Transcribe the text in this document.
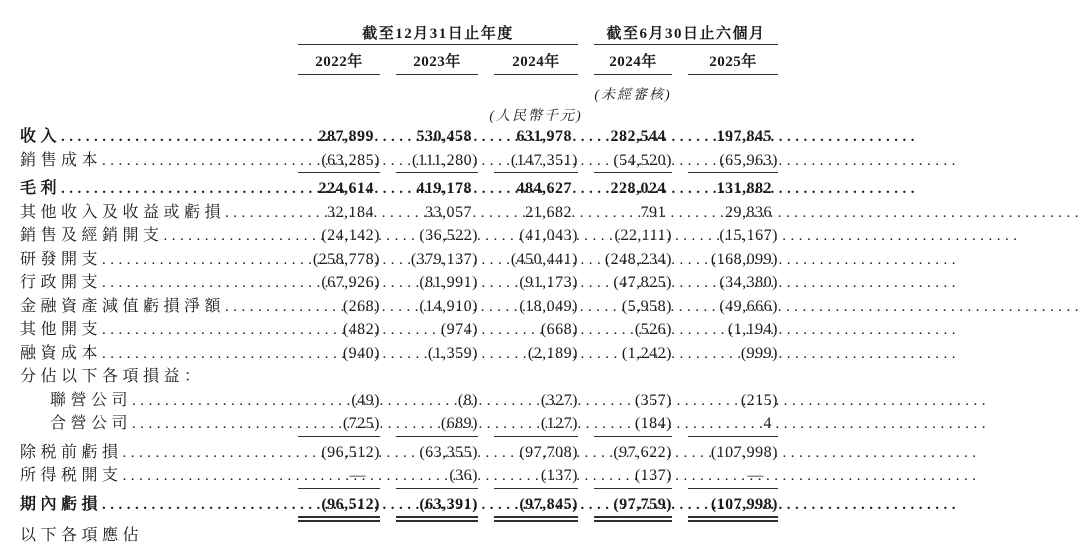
截至12月31日止年度	截至6月30日止六個月
2022年	2023年	2024年	2024年	2025年
(未經審核)
(人民幣千元)
收入 .....	287,899	530,458	631,978	282,544	197,845
銷售成本 .....	(63,285)	(111,280)	(147,351)	(54,520)	(65,963)
毛利 .....	224,614	419,178	484,627	228,024	131,882
其他收入及收益或虧損 .....	32,184	33,057	21,682	791	29,836
銷售及經銷開支 .....	(24,142)	(36,522)	(41,043)	(22,111)	(15,167)
研發開支 .....	(258,778)	(379,137)	(450,441)	(248,234)	(168,099)
行政開支 .....	(67,926)	(81,991)	(91,173)	(47,825)	(34,380)
金融資產減值虧損淨額 .....	(268)	(14,910)	(18,049)	(5,958)	(49,666)
其他開支 .....	(482)	(974)	(668)	(526)	(1,194)
融資成本 .....	(940)	(1,359)	(2,189)	(1,242)	(999)
分佔以下各項損益：
聯營公司 .....	(49)	(8)	(327)	(357)	(215)
合營公司 .....	(725)	(689)	(127)	(184)	4
除税前虧損 .....	(96,512)	(63,355)	(97,708)	(97,622)	(107,998)
所得税開支 .....	—	(36)	(137)	(137)	—
期內虧損 .....	(96,512)	(63,391)	(97,845)	(97,759)	(107,998)
以下各項應佔
